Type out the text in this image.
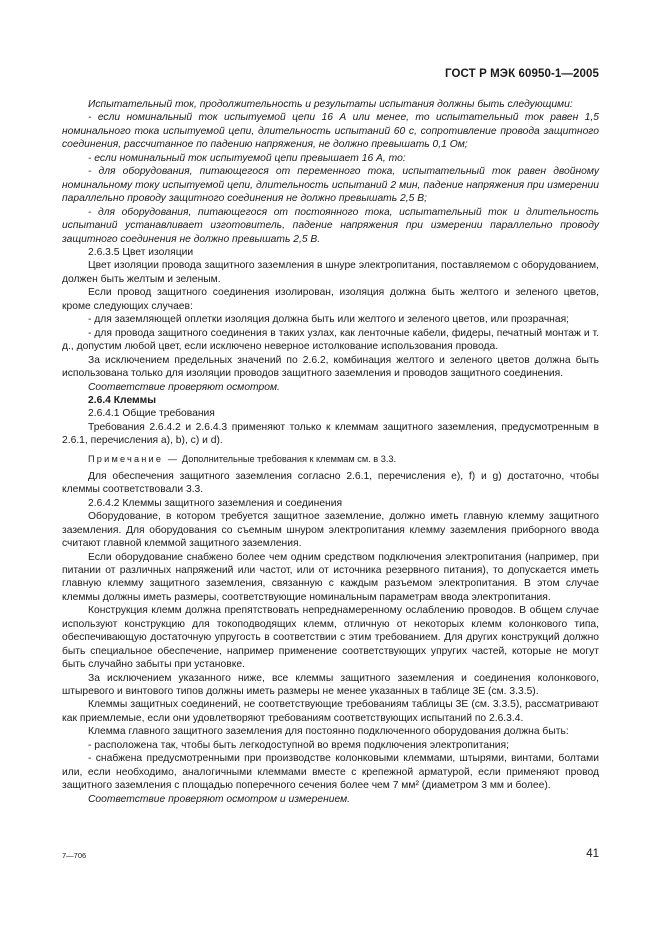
ГОСТ Р МЭК 60950-1—2005

Испытательный ток, продолжительность и результаты испытания должны быть следующими:

- если номинальный ток испытуемой цепи 16 А или менее, то испытательный ток равен 1,5 номинального тока испытуемой цепи, длительность испытаний 60 с, сопротивление провода защитного соединения, рассчитанное по падению напряжения, не должно превышать 0,1 Ом;

- если номинальный ток испытуемой цепи превышает 16 А, то:

- для оборудования, питающегося от переменного тока, испытательный ток равен двойному номинальному току испытуемой цепи, длительность испытаний 2 мин, падение напряжения при измерении параллельно проводу защитного соединения не должно превышать 2,5 В;

- для оборудования, питающегося от постоянного тока, испытательный ток и длительность испытаний устанавливает изготовитель, падение напряжения при измерении параллельно проводу защитного соединения не должно превышать 2,5 В.

2.6.3.5 Цвет изоляции

Цвет изоляции провода защитного заземления в шнуре электропитания, поставляемом с оборудованием, должен быть желтым и зеленым.

Если провод защитного соединения изолирован, изоляция должна быть желтого и зеленого цветов, кроме следующих случаев:

- для заземляющей оплетки изоляция должна быть или желтого и зеленого цветов, или прозрачная;

- для провода защитного соединения в таких узлах, как ленточные кабели, фидеры, печатный монтаж и т. д., допустим любой цвет, если исключено неверное истолкование использования провода.

За исключением предельных значений по 2.6.2, комбинация желтого и зеленого цветов должна быть использована только для изоляции проводов защитного заземления и проводов защитного соединения.

Соответствие проверяют осмотром.

2.6.4 Клеммы

2.6.4.1 Общие требования

Требования 2.6.4.2 и 2.6.4.3 применяют только к клеммам защитного заземления, предусмотренным в 2.6.1, перечисления а), b), с) и d).

Примечание — Дополнительные требования к клеммам см. в 3.3.

Для обеспечения защитного заземления согласно 2.6.1, перечисления е), f) и g) достаточно, чтобы клеммы соответствовали 3.3.

2.6.4.2 Клеммы защитного заземления и соединения

Оборудование, в котором требуется защитное заземление, должно иметь главную клемму защитного заземления. Для оборудования со съемным шнуром электропитания клемму заземления приборного ввода считают главной клеммой защитного заземления.

Если оборудование снабжено более чем одним средством подключения электропитания (например, при питании от различных напряжений или частот, или от источника резервного питания), то допускается иметь главную клемму защитного заземления, связанную с каждым разъемом электропитания. В этом случае клеммы должны иметь размеры, соответствующие номинальным параметрам ввода электропитания.

Конструкция клемм должна препятствовать непреднамеренному ослаблению проводов. В общем случае используют конструкцию для токоподводящих клемм, отличную от некоторых клемм колонкового типа, обеспечивающую достаточную упругость в соответствии с этим требованием. Для других конструкций должно быть специальное обеспечение, например применение соответствующих упругих частей, которые не могут быть случайно забыты при установке.

За исключением указанного ниже, все клеммы защитного заземления и соединения колонкового, штыревого и винтового типов должны иметь размеры не менее указанных в таблице 3Е (см. 3.3.5).

Клеммы защитных соединений, не соответствующие требованиям таблицы 3Е (см. 3.3.5), рассматривают как приемлемые, если они удовлетворяют требованиям соответствующих испытаний по 2.6.3.4.

Клемма главного защитного заземления для постоянно подключенного оборудования должна быть:

- расположена так, чтобы быть легкодоступной во время подключения электропитания;

- снабжена предусмотренными при производстве колонковыми клеммами, штырями, винтами, болтами или, если необходимо, аналогичными клеммами вместе с крепежной арматурой, если применяют провод защитного заземления с площадью поперечного сечения более чем 7 мм² (диаметром 3 мм и более).

Соответствие проверяют осмотром и измерением.

7—706	41
